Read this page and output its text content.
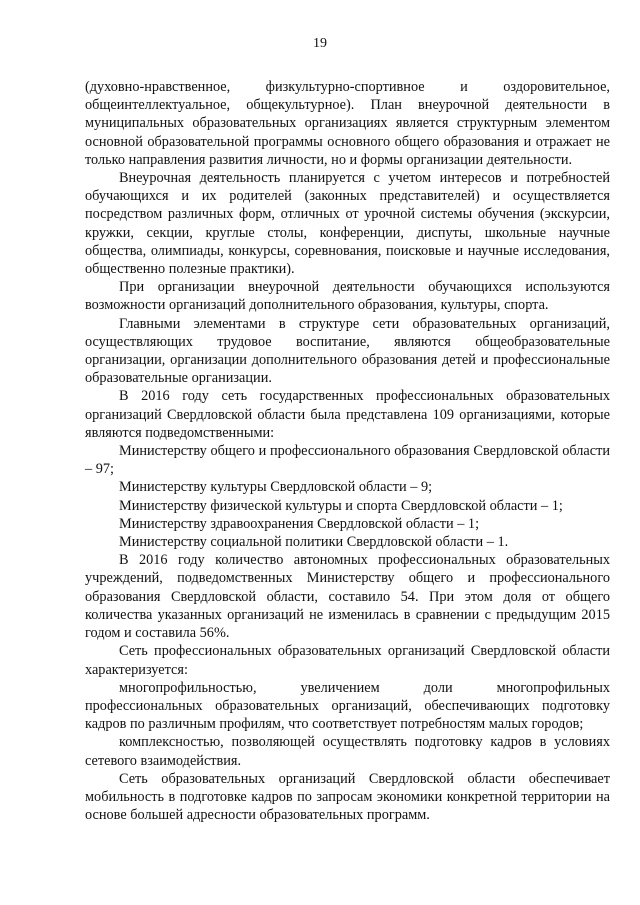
19

(духовно-нравственное, физкультурно-спортивное и оздоровительное, общеинтеллектуальное, общекультурное). План внеурочной деятельности в муниципальных образовательных организациях является структурным элементом основной образовательной программы основного общего образования и отражает не только направления развития личности, но и формы организации деятельности.

Внеурочная деятельность планируется с учетом интересов и потребностей обучающихся и их родителей (законных представителей) и осуществляется посредством различных форм, отличных от урочной системы обучения (экскурсии, кружки, секции, круглые столы, конференции, диспуты, школьные научные общества, олимпиады, конкурсы, соревнования, поисковые и научные исследования, общественно полезные практики).

При организации внеурочной деятельности обучающихся используются возможности организаций дополнительного образования, культуры, спорта.

Главными элементами в структуре сети образовательных организаций, осуществляющих трудовое воспитание, являются общеобразовательные организации, организации дополнительного образования детей и профессиональные образовательные организации.

В 2016 году сеть государственных профессиональных образовательных организаций Свердловской области была представлена 109 организациями, которые являются подведомственными:

Министерству общего и профессионального образования Свердловской области – 97;

Министерству культуры Свердловской области – 9;

Министерству физической культуры и спорта Свердловской области – 1;

Министерству здравоохранения Свердловской области – 1;

Министерству социальной политики Свердловской области – 1.

В 2016 году количество автономных профессиональных образовательных учреждений, подведомственных Министерству общего и профессионального образования Свердловской области, составило 54. При этом доля от общего количества указанных организаций не изменилась в сравнении с предыдущим 2015 годом и составила 56%.

Сеть профессиональных образовательных организаций Свердловской области характеризуется:

многопрофильностью, увеличением доли многопрофильных профессиональных образовательных организаций, обеспечивающих подготовку кадров по различным профилям, что соответствует потребностям малых городов;

комплексностью, позволяющей осуществлять подготовку кадров в условиях сетевого взаимодействия.

Сеть образовательных организаций Свердловской области обеспечивает мобильность в подготовке кадров по запросам экономики конкретной территории на основе большей адресности образовательных программ.
